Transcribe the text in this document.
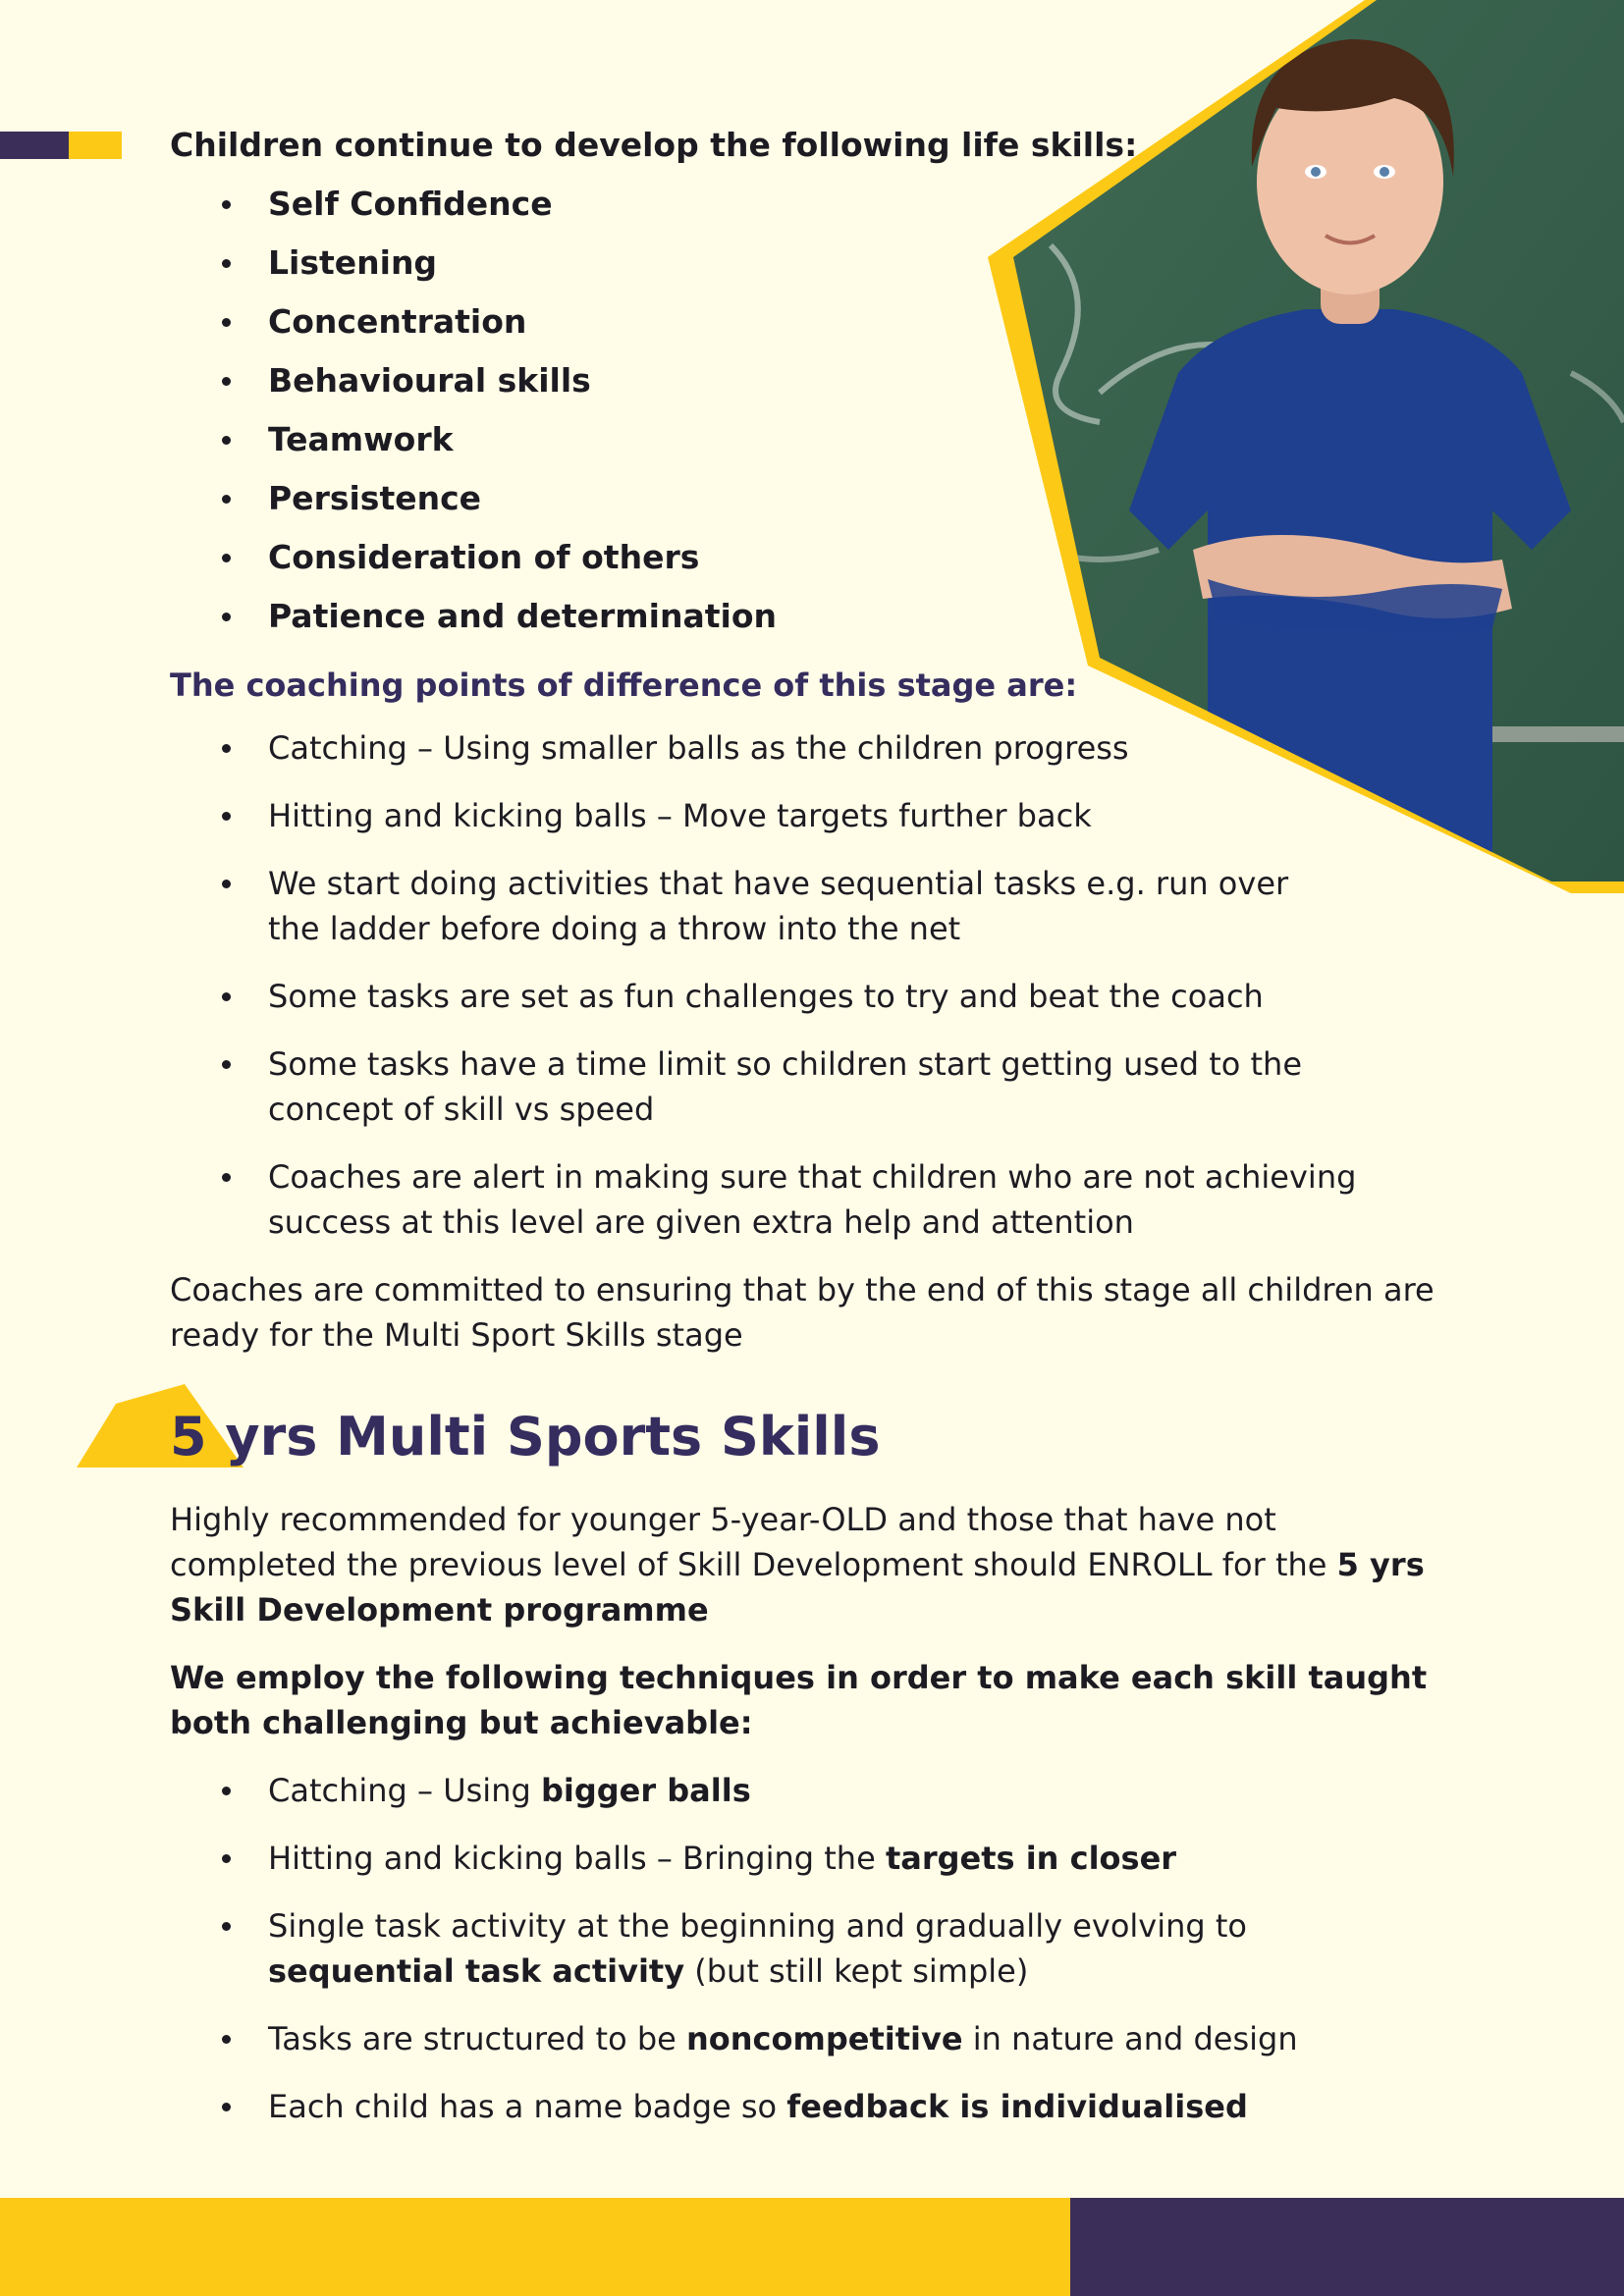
Children continue to develop the following life skills:
Self Confidence
Listening
Concentration
Behavioural skills
Teamwork
Persistence
Consideration of others
Patience and determination
The coaching points of difference of this stage are:
Catching – Using smaller balls as the children progress
Hitting and kicking balls – Move targets further back
We start doing activities that have sequential tasks e.g. run over the ladder before doing a throw into the net
Some tasks are set as fun challenges to try and beat the coach
Some tasks have a time limit so children start getting used to the concept of skill vs speed
Coaches are alert in making sure that children who are not achieving success at this level are given extra help and attention

Coaches are committed to ensuring that by the end of this stage all children are ready for the Multi Sport Skills stage

5 yrs Multi Sports Skills

Highly recommended for younger 5-year-OLD and those that have not completed the previous level of Skill Development should ENROLL for the 5 yrs Skill Development programme

We employ the following techniques in order to make each skill taught both challenging but achievable:

Catching – Using bigger balls
Hitting and kicking balls – Bringing the targets in closer
Single task activity at the beginning and gradually evolving to sequential task activity (but still kept simple)
Tasks are structured to be noncompetitive in nature and design
Each child has a name badge so feedback is individualised
